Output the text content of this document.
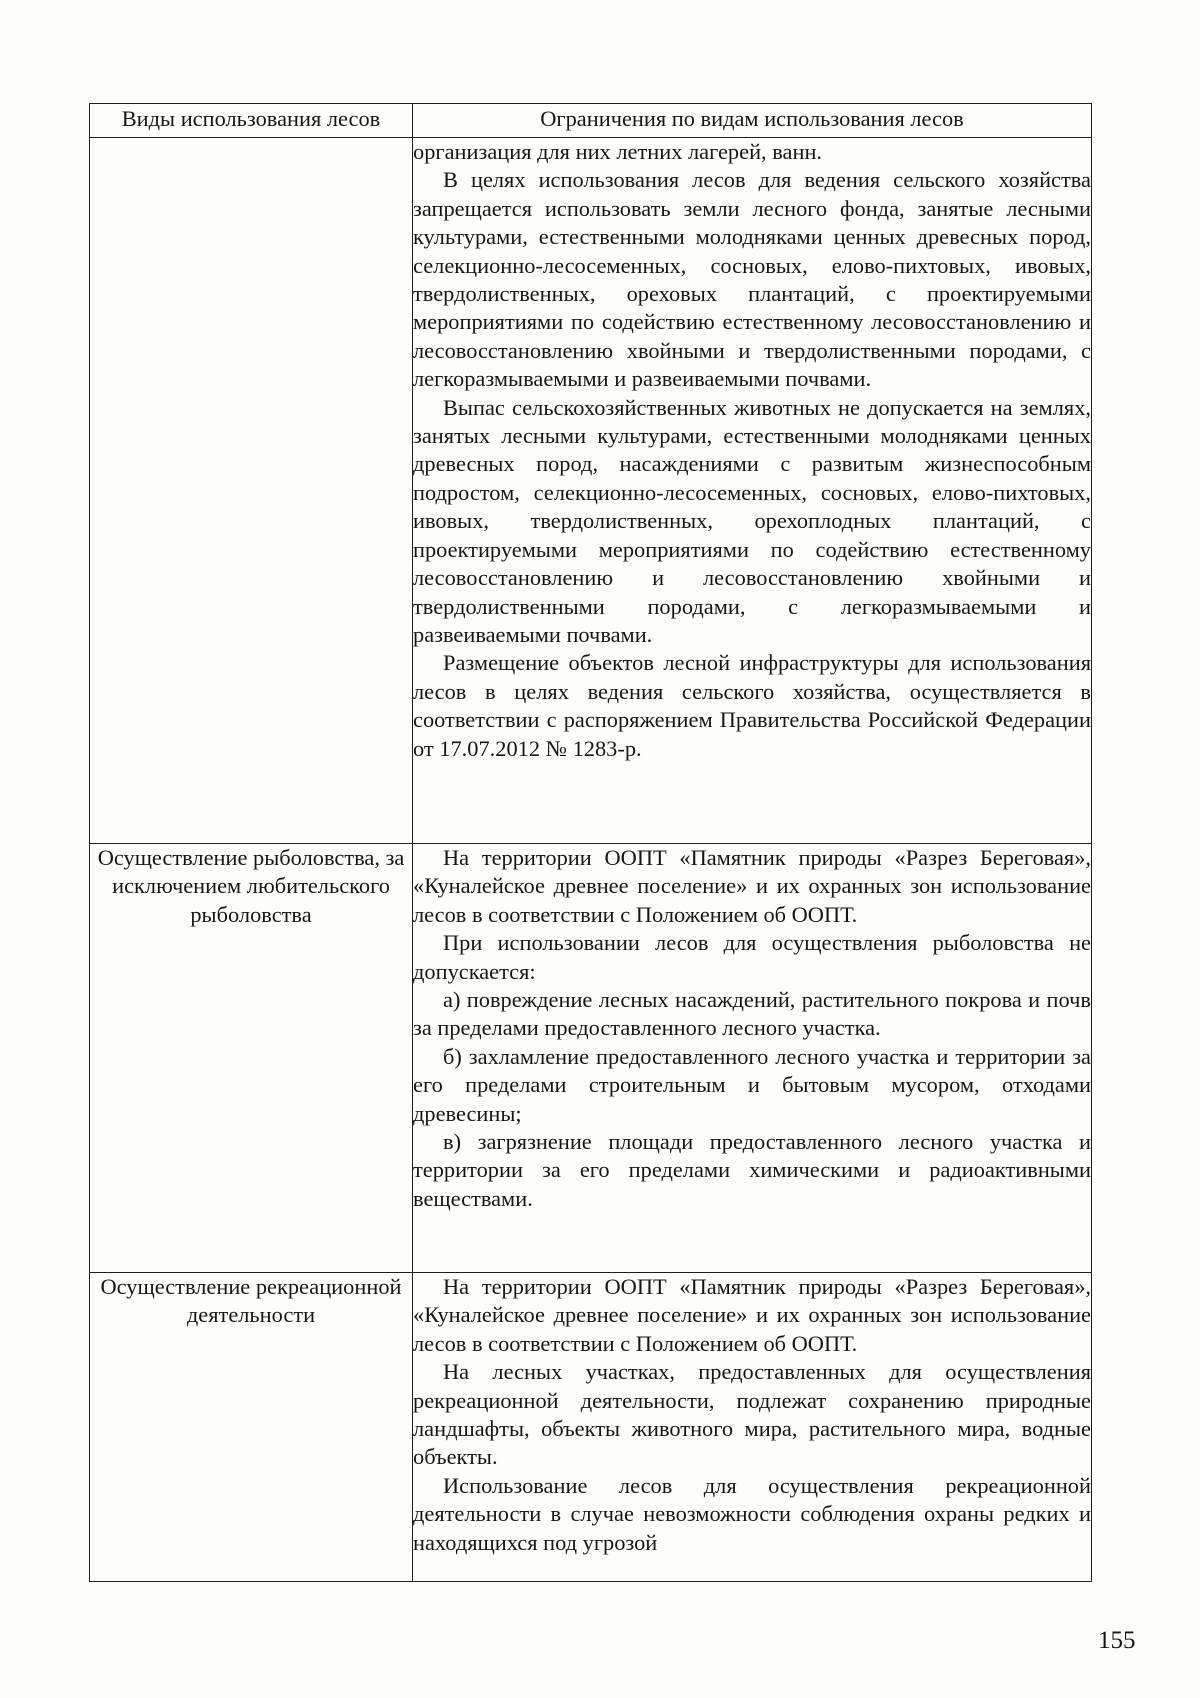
Виды использования лесов	Ограничения по видам использования лесов

	организация для них летних лагерей, ванн.

В целях использования лесов для ведения сельского хозяйства запрещается использовать земли лесного фонда, занятые лесными культурами, естественными молодняками ценных древесных пород, селекционно-лесосеменных, сосновых, елово-пихтовых, ивовых, твердолиственных, ореховых плантаций, с проектируемыми мероприятиями по содействию естественному лесовосстановлению и лесовосстановлению хвойными и твердолиственными породами, с легкоразмываемыми и развеиваемыми почвами.

Выпас сельскохозяйственных животных не допускается на землях, занятых лесными культурами, естественными молодняками ценных древесных пород, насаждениями с развитым жизнеспособным подростом, селекционно-лесосеменных, сосновых, елово-пихтовых, ивовых, твердолиственных, орехоплодных плантаций, с проектируемыми мероприятиями по содействию естественному лесовосстановлению и лесовосстановлению хвойными и твердолиственными породами, с легкоразмываемыми и развеиваемыми почвами.

Размещение объектов лесной инфраструктуры для использования лесов в целях ведения сельского хозяйства, осуществляется в соответствии с распоряжением Правительства Российской Федерации от 17.07.2012 № 1283-р.

Осуществление рыболовства, за исключением любительского рыболовства	На территории ООПТ «Памятник природы «Разрез Береговая», «Куналейское древнее поселение» и их охранных зон использование лесов в соответствии с Положением об ООПТ.

При использовании лесов для осуществления рыболовства не допускается:

а) повреждение лесных насаждений, растительного покрова и почв за пределами предоставленного лесного участка.

б) захламление предоставленного лесного участка и территории за его пределами строительным и бытовым мусором, отходами древесины;

в) загрязнение площади предоставленного лесного участка и территории за его пределами химическими и радиоактивными веществами.

Осуществление рекреационной деятельности	На территории ООПТ «Памятник природы «Разрез Береговая», «Куналейское древнее поселение» и их охранных зон использование лесов в соответствии с Положением об ООПТ.

На лесных участках, предоставленных для осуществления рекреационной деятельности, подлежат сохранению природные ландшафты, объекты животного мира, растительного мира, водные объекты.

Использование лесов для осуществления рекреационной деятельности в случае невозможности соблюдения охраны редких и находящихся под угрозой

155
